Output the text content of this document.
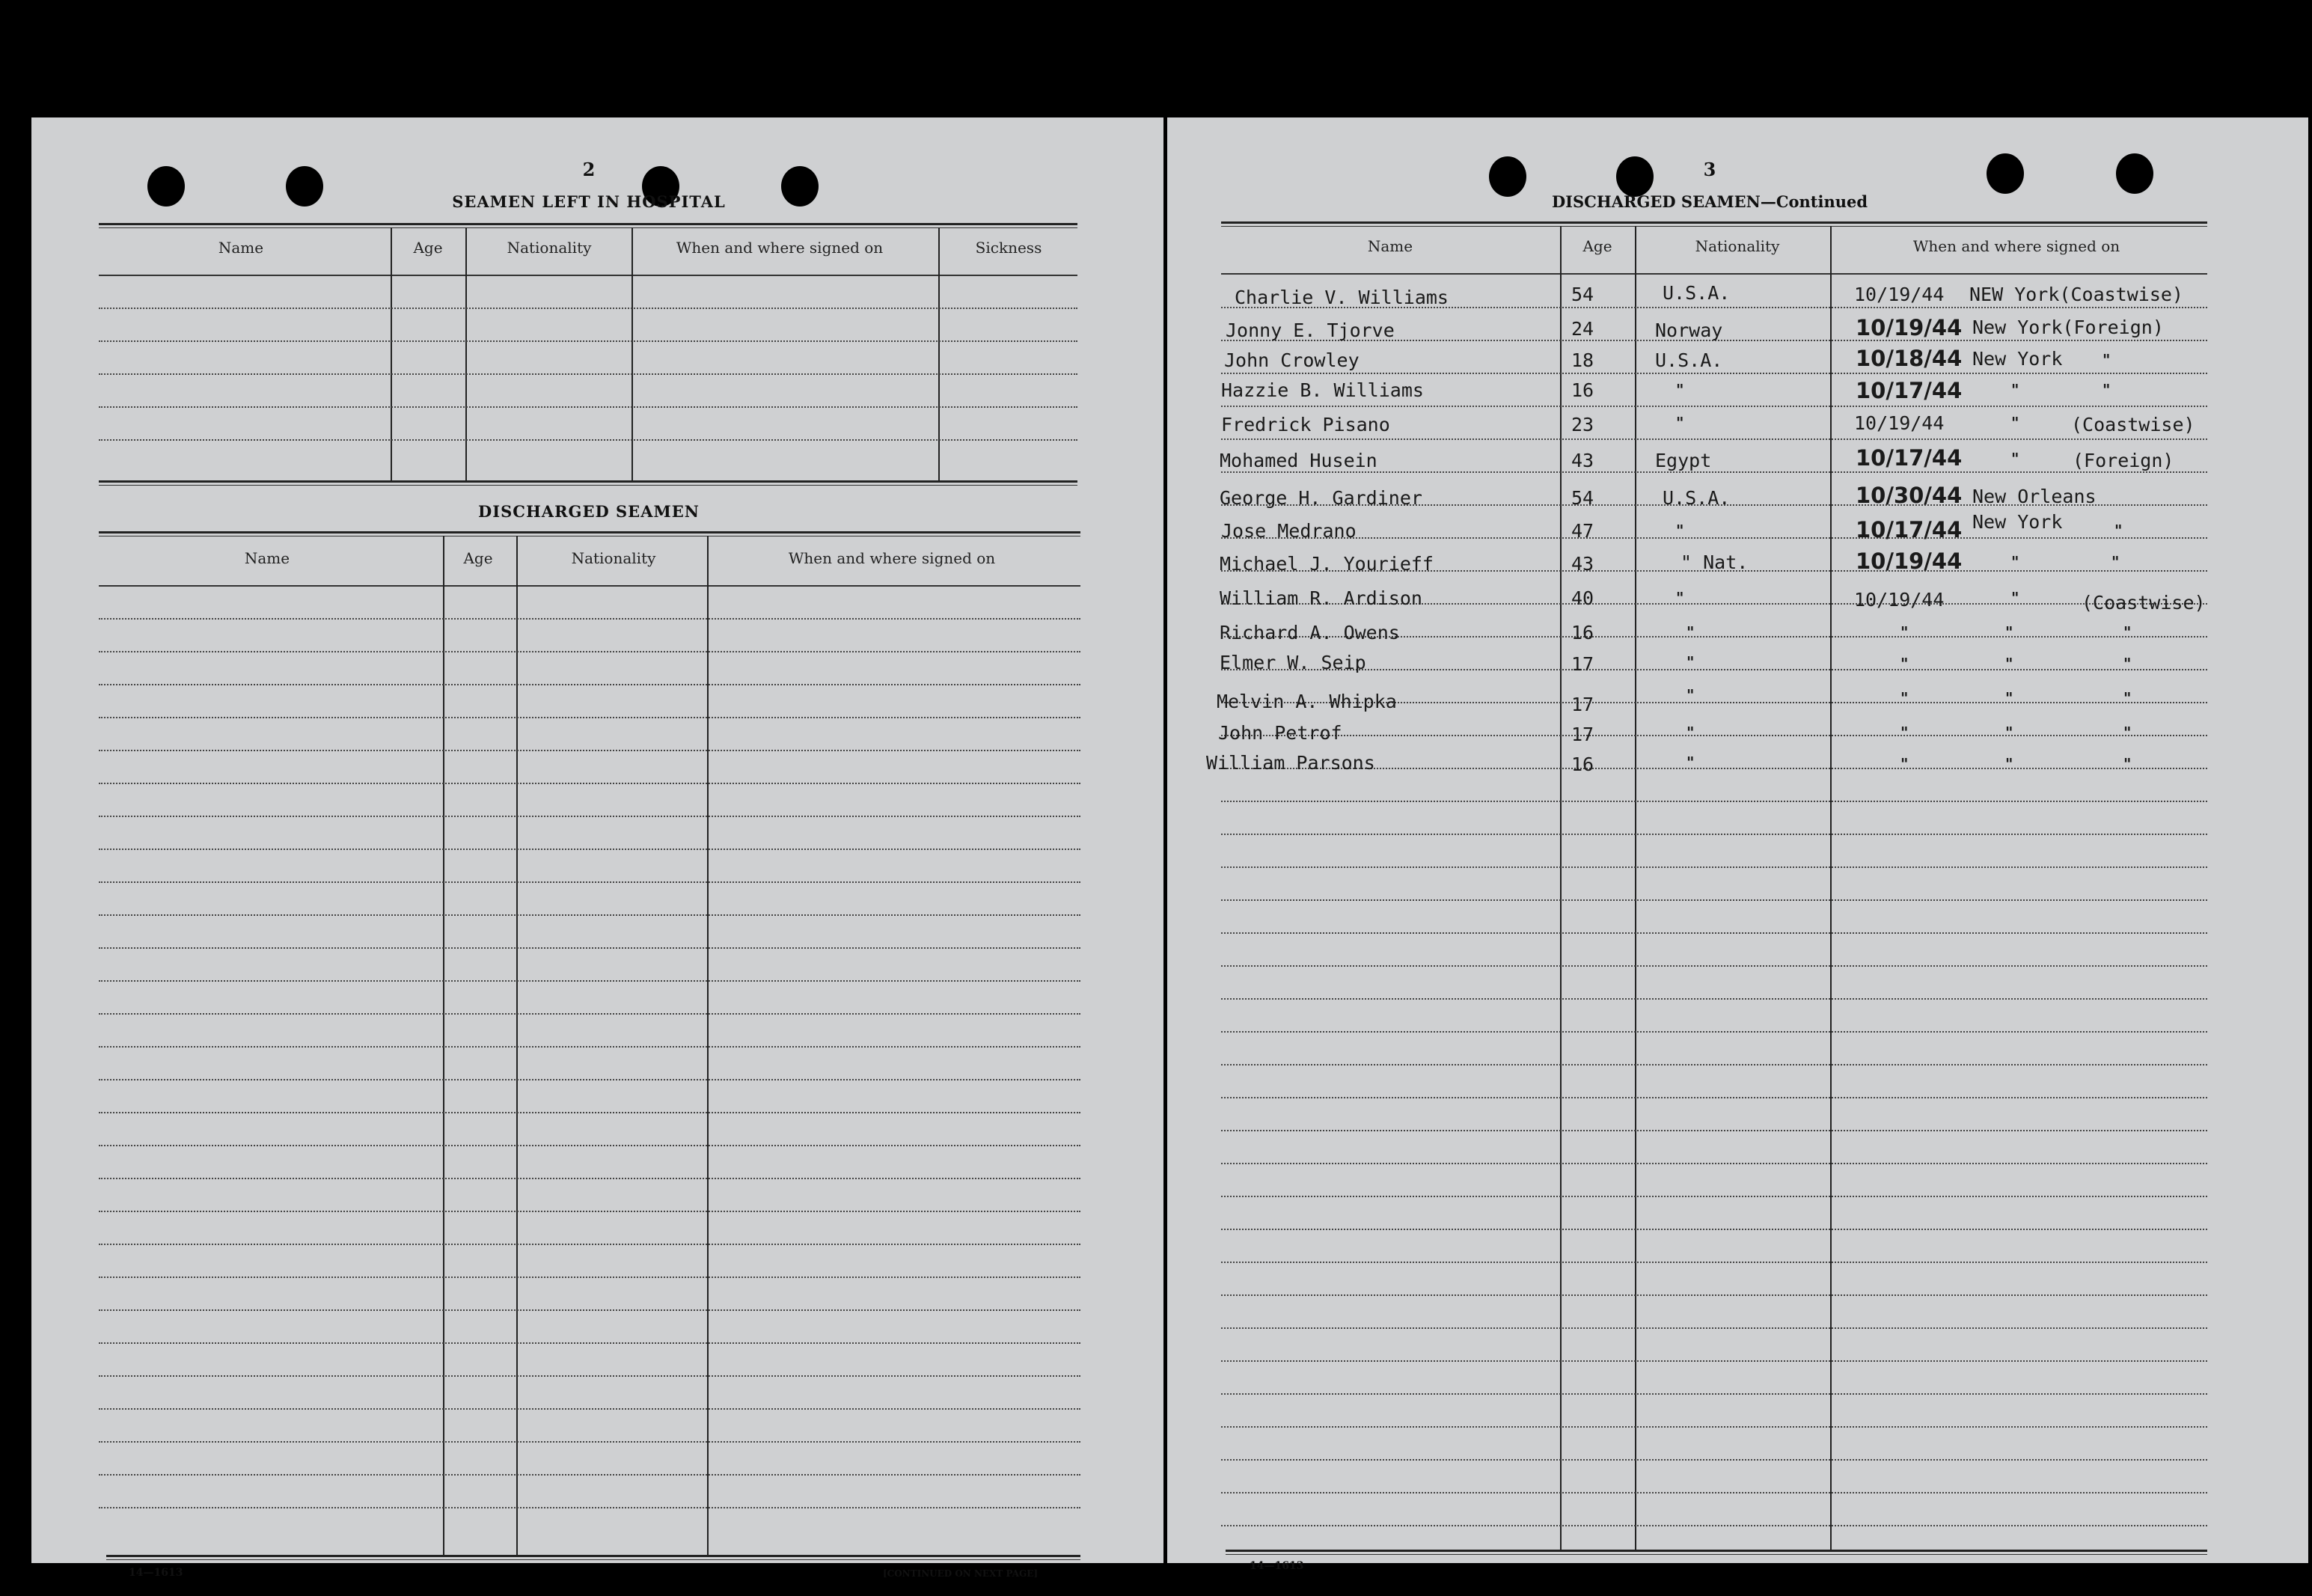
2
SEAMEN LEFT IN HOSPITAL
Name	Age	Nationality	When and where signed on	Sickness
DISCHARGED SEAMEN
Name	Age	Nationality	When and where signed on
14—1613	[CONTINUED ON NEXT PAGE]
3
DISCHARGED SEAMEN—Continued
Name	Age	Nationality	When and where signed on
Charlie V. Williams	54	U.S.A.	10/19/44 NEW York(Coastwise)
Jonny E. Tjorve	24	Norway	10/19/44 New York(Foreign)
John Crowley	18	U.S.A.	10/18/44 New York	"
Hazzie B. Williams	16	"	10/17/44	"	"
Fredrick Pisano	23	"	10/19/44	"	(Coastwise)
Mohamed Husein	43	Egypt	10/17/44	"	(Foreign)
George H. Gardiner	54	U.S.A.	10/30/44 New Orleans
Jose Medrano	47	"	10/17/44 New York	"
Michael J. Yourieff	43	" Nat.	10/19/44	"	"
William R. Ardison	40	"	10/19/44	"	(Coastwise)
Richard A. Owens	16	"	"	"	"
Elmer W. Seip	17	"	"	"	"
Melvin A. Whipka	17	"	"	"	"
John Petrof	17	"	"	"	"
William Parsons	16	"	"	"	"
14—1613
